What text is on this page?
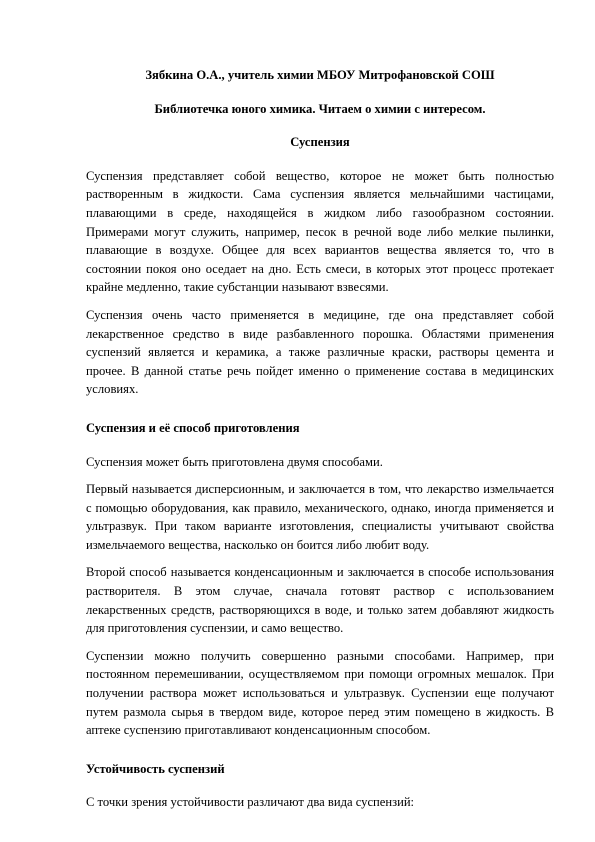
Зябкина О.А., учитель химии МБОУ Митрофановской СОШ

Библиотечка юного химика. Читаем о химии с интересом.

Суспензия

Суспензия представляет собой вещество, которое не может быть полностью растворенным в жидкости. Сама суспензия является мельчайшими частицами, плавающими в среде, находящейся в жидком либо газообразном состоянии. Примерами могут служить, например, песок в речной воде либо мелкие пылинки, плавающие в воздухе. Общее для всех вариантов вещества является то, что в состоянии покоя оно оседает на дно. Есть смеси, в которых этот процесс протекает крайне медленно, такие субстанции называют взвесями.

Суспензия очень часто применяется в медицине, где она представляет собой лекарственное средство в виде разбавленного порошка. Областями применения суспензий является и керамика, а также различные краски, растворы цемента и прочее. В данной статье речь пойдет именно о применение состава в медицинских условиях.

Суспензия и её способ приготовления

Суспензия может быть приготовлена двумя способами.

Первый называется дисперсионным, и заключается в том, что лекарство измельчается с помощью оборудования, как правило, механического, однако, иногда применяется и ультразвук. При таком варианте изготовления, специалисты учитывают свойства измельчаемого вещества, насколько он боится либо любит воду.

Второй способ называется конденсационным и заключается в способе использования растворителя. В этом случае, сначала готовят раствор с использованием лекарственных средств, растворяющихся в воде, и только затем добавляют жидкость для приготовления суспензии, и само вещество.

Суспензии можно получить совершенно разными способами. Например, при постоянном перемешивании, осуществляемом при помощи огромных мешалок. При получении раствора может использоваться и ультразвук. Суспензии еще получают путем размола сырья в твердом виде, которое перед этим помещено в жидкость. В аптеке суспензию приготавливают конденсационным способом.

Устойчивость суспензий

С точки зрения устойчивости различают два вида суспензий:
